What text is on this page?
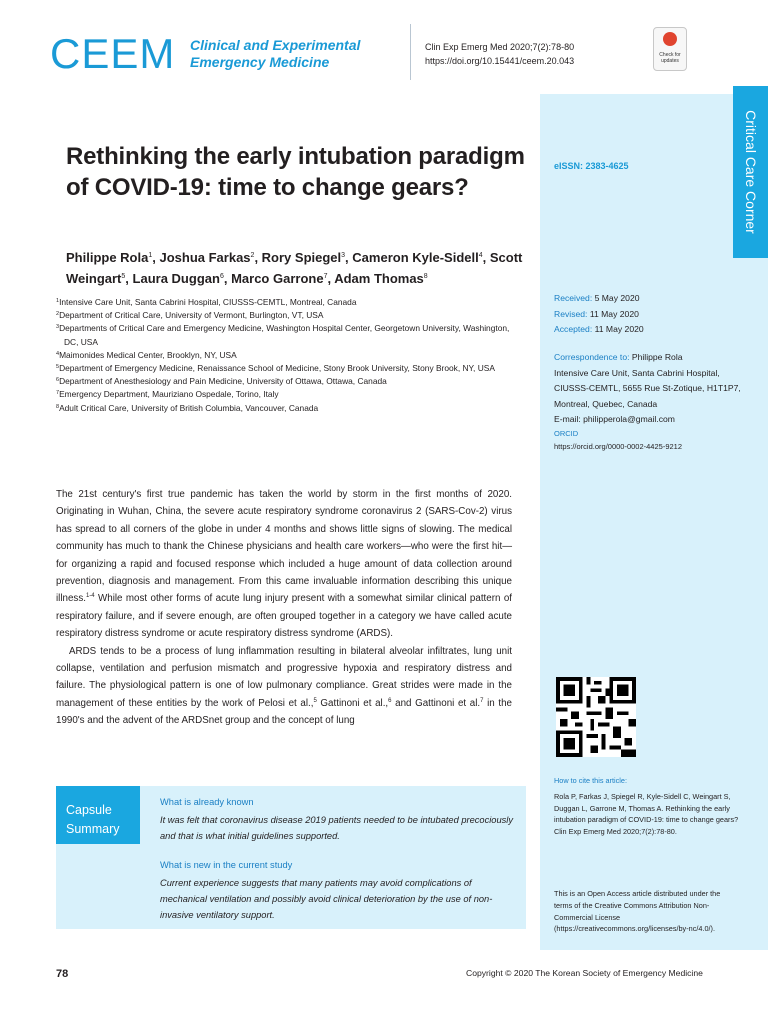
CEEM Clinical and Experimental
Emergency Medicine
Clin Exp Emerg Med 2020;7(2):78-80
https://doi.org/10.15441/ceem.20.043
Check for updates
Critical Care Corner
eISSN: 2383-4625
Received: 5 May 2020
Revised: 11 May 2020
Accepted: 11 May 2020
Correspondence to: Philippe Rola
Intensive Care Unit, Santa Cabrini Hospital, CIUSSS-CEMTL, 5655 Rue St-Zotique, H1T1P7, Montreal, Quebec, Canada
E-mail: philipperola@gmail.com
ORCID
https://orcid.org/0000-0002-4425-9212
How to cite this article:
Rola P, Farkas J, Spiegel R, Kyle-Sidell C, Weingart S, Duggan L, Garrone M, Thomas A. Rethinking the early intubation paradigm of COVID-19: time to change gears? Clin Exp Emerg Med 2020;7(2):78-80.
This is an Open Access article distributed under the terms of the Creative Commons Attribution Non-Commercial License (https://creativecommons.org/licenses/by-nc/4.0/).
Rethinking the early intubation paradigm of COVID-19: time to change gears?
Philippe Rola$^1$, Joshua Farkas$^2$, Rory Spiegel$^3$, Cameron Kyle-Sidell$^4$, Scott Weingart$^5$, Laura Duggan$^6$, Marco Garrone$^7$, Adam Thomas$^8$
$^1$Intensive Care Unit, Santa Cabrini Hospital, CIUSSS-CEMTL, Montreal, Canada
$^2$Department of Critical Care, University of Vermont, Burlington, VT, USA
$^3$Departments of Critical Care and Emergency Medicine, Washington Hospital Center, Georgetown University, Washington, DC, USA
$^4$Maimonides Medical Center, Brooklyn, NY, USA
$^5$Department of Emergency Medicine, Renaissance School of Medicine, Stony Brook University, Stony Brook, NY, USA
$^6$Department of Anesthesiology and Pain Medicine, University of Ottawa, Ottawa, Canada
$^7$Emergency Department, Mauriziano Ospedale, Torino, Italy
$^8$Adult Critical Care, University of British Columbia, Vancouver, Canada

The 21st century's first true pandemic has taken the world by storm in the first months of 2020. Originating in Wuhan, China, the severe acute respiratory syndrome coronavirus 2 (SARS-Cov-2) virus has spread to all corners of the globe in under 4 months and shows little signs of slowing. The medical community has much to thank the Chinese physicians and health care workers—who were the first hit—for organizing a rapid and focused response which included a huge amount of data collection around prevention, diagnosis and management. From this came invaluable information describing this unique illness.$^{1-4}$ While most other forms of acute lung injury present with a somewhat similar clinical pattern of respiratory failure, and if severe enough, are often grouped together in a category we have called acute respiratory distress syndrome or acute respiratory distress syndrome (ARDS).

ARDS tends to be a process of lung inflammation resulting in bilateral alveolar infiltrates, lung unit collapse, ventilation and perfusion mismatch and progressive hypoxia and respiratory distress and failure. The physiological pattern is one of low pulmonary compliance. Great strides were made in the management of these entities by the work of Pelosi et al.,$^5$ Gattinoni et al.,$^6$ and Gattinoni et al.$^7$ in the 1990's and the advent of the ARDSnet group and the concept of lung

Capsule
Summary
What is already known
It was felt that coronavirus disease 2019 patients needed to be intubated precociously and that is what initial guidelines supported.
What is new in the current study
Current experience suggests that many patients may avoid complications of mechanical ventilation and possibly avoid clinical deterioration by the use of non-invasive ventilatory support.
78	Copyright © 2020 The Korean Society of Emergency Medicine
